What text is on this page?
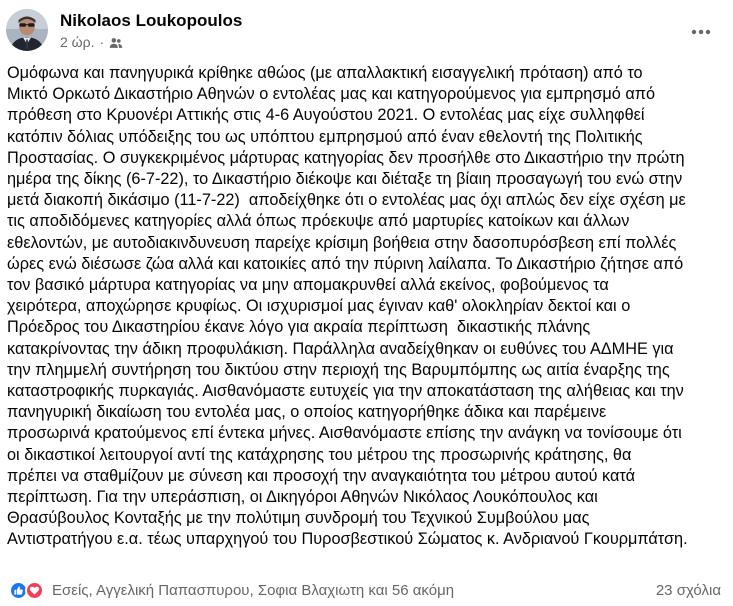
Nikolaos Loukopoulos
2 ώρ. ·
Ομόφωνα και πανηγυρικά κρίθηκε αθώος (με απαλλακτική εισαγγελική πρόταση) από το
Μικτό Ορκωτό Δικαστήριο Αθηνών ο εντολέας μας και κατηγορούμενος για εμπρησμό από
πρόθεση στο Κρυονέρι Αττικής στις 4-6 Αυγούστου 2021. Ο εντολέας μας είχε συλληφθεί
κατόπιν δόλιας υπόδειξης του ως υπόπτου εμπρησμού από έναν εθελοντή της Πολιτικής
Προστασίας. Ο συγκεκριμένος μάρτυρας κατηγορίας δεν προσήλθε στο Δικαστήριο την πρώτη
ημέρα της δίκης (6-7-22), το Δικαστήριο διέκοψε και διέταξε τη βίαιη προσαγωγή του ενώ στην
μετά διακοπή δικάσιμο (11-7-22)  αποδείχθηκε ότι ο εντολέας μας όχι απλώς δεν είχε σχέση με
τις αποδιδόμενες κατηγορίες αλλά όπως πρόεκυψε από μαρτυρίες κατοίκων και άλλων
εθελοντών, με αυτοδιακινδυνευση παρείχε κρίσιμη βοήθεια στην δασοπυρόσβεση επί πολλές
ώρες ενώ διέσωσε ζώα αλλά και κατοικίες από την πύρινη λαίλαπα. Το Δικαστήριο ζήτησε από
τον βασικό μάρτυρα κατηγορίας να μην απομακρυνθεί αλλά εκείνος, φοβούμενος τα
χειρότερα, αποχώρησε κρυφίως. Οι ισχυρισμοί μας έγιναν καθ' ολοκληρίαν δεκτοί και ο
Πρόεδρος του Δικαστηρίου έκανε λόγο για ακραία περίπτωση  δικαστικής πλάνης
κατακρίνοντας την άδικη προφυλάκιση. Παράλληλα αναδείχθηκαν οι ευθύνες του ΑΔΜΗΕ για
την πλημμελή συντήρηση του δικτύου στην περιοχή της Βαρυμπόμπης ως αιτία έναρξης της
καταστροφικής πυρκαγιάς. Αισθανόμαστε ευτυχείς για την αποκατάσταση της αλήθειας και την
πανηγυρική δικαίωση του εντολέα μας, ο οποίος κατηγορήθηκε άδικα και παρέμεινε
προσωρινά κρατούμενος επί έντεκα μήνες. Αισθανόμαστε επίσης την ανάγκη να τονίσουμε ότι
οι δικαστικοί λειτουργοί αντί της κατάχρησης του μέτρου της προσωρινής κράτησης, θα
πρέπει να σταθμίζουν με σύνεση και προσοχή την αναγκαιότητα του μέτρου αυτού κατά
περίπτωση. Για την υπεράσπιση, οι Δικηγόροι Αθηνών Νικόλαος Λουκόπουλος και
Θρασύβουλος Κονταξής με την πολύτιμη συνδρομή του Τεχνικού Συμβούλου μας
Αντιστρατήγου ε.α. τέως υπαρχηγού του Πυροσβεστικού Σώματος κ. Ανδριανού Γκουρμπάτση.
Εσείς, Αγγελική Παπασπυρου, Σοφια Βλαχιωτη και 56 ακόμη	23 σχόλια
